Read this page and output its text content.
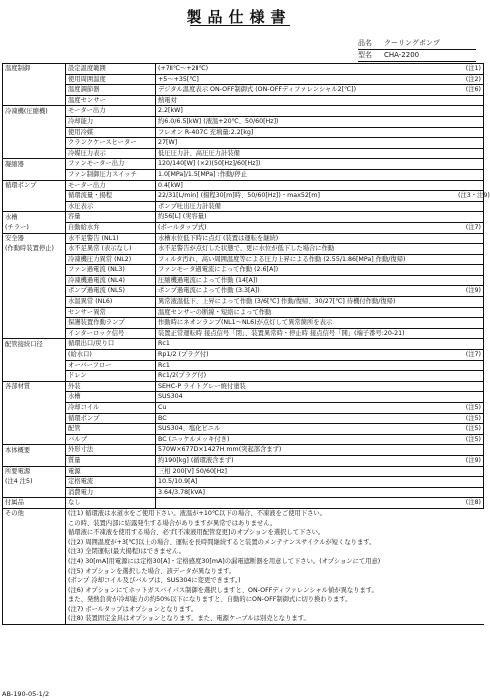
製品仕様書
品名 クーリングポンプ
型名 CHA-2200
温度制御	設定温度範囲	(+7Ⅱ℃～+2Ⅱ℃)	(注1)
	使用周囲温度	+5～+35[℃]	(注2)
	温度調節器	デジタル温度表示 ON-OFF制御式 (ON-OFFディファレンシャル2[℃])	(注6)
	温度センサー	熱電対	
冷凍機(圧縮機)	モーター出力	2.2[kW]	
	冷却能力	約6.0/6.5[kW] (液温+20℃、50/60[Hz])	
	使用冷媒	フレオン R-407C 充填量:2.2[kg]	
	クランクケースヒーター	27[W]	
	冷媒圧力表示	低圧圧力計、高圧圧力計装備	
凝縮器	ファンモーター出力	120/140[W] (×2)(50[Hz]/60[Hz])	
	ファン制御圧力スイッチ	1.0[MPa]/1.5[MPa] :作動/停止	
循環ポンプ	モーター出力	0.4[kW]	
	循環流量・揚程	22/31[L/min] (揚程30[m]時、50/60[Hz])・max52[m]	(注3・注9)
	水圧表示	ポンプ吐出圧力計装備	
水槽	容量	約56[L] (実容量)	
(チラー)	自動給水弁	(ボールタップ式)	(注7)
安全器	水不足警告 (NL1)	水槽水位低下時に点灯 (装置は運転を継続)	
(作動時装置停止)	水不足異常 (表示なし)	水不足警告が点灯した状態で、更に水位が低下した場合に作動	
	冷凍機圧力異常 (NL2)	フィルタ汚れ、高い周囲温度等による圧力上昇による作動 (2.55/1.86[MPa] 作動/復帰)	
	ファン過電流 (NL3)	ファンモータ過電流によって作動 (2.6[A])	
	冷凍機過電流 (NL4)	圧縮機過電流によって作動 (14[A])	
	ポンプ過電流 (NL5)	ポンプ過電流によって作動 (3.3[A])	(注9)
	水温異常 (NL6)	異常液温低下、上昇によって作動 (3/6[℃] 作動/復帰、30/27[℃] 待機付作動/復帰)	
	センサー異常	温度センサーの断線・短絡によって作動	
	保護装置作動ランプ	作動時にネオンランプ(NL1～NL6)が点灯して異常箇所を表示	
	インターロック信号	装置正常運転時 接点信号「閉」、装置異常時・停止時 接点信号「開」(端子番号:20-21)	
配管接続口径	循環出口/戻り口	Rc1	
	(給水口)	Rp1/2 (プラグ付)	(注7)
	オーバーフロー	Rc1	
	ドレン	Rc1/2(プラグ付)	
各部材質	外装	SEHC-P ライトグレー焼付塗装	
	水槽	SUS304	
	冷却コイル	Cu	(注5)
	循環ポンプ	BC	(注5)
	配管	SUS304、塩化ビニル	(注5)
	バルブ	BC (ニッケルメッキ付き)	(注5)
本体概要	外形寸法	570W×677D×1427H mm(突起部含まず)	
	質量	約190[kg] (循環液含まず)	(注9)
所要電源	電源	三相 200[V] 50/60[Hz]	
(注4 注5)	定格電流	10.5/10.9[A]	
	消費電力	3.64/3.78[kVA]	
付属品	なし		(注8)
その他	(注1) 循環液は水道水をご使用下さい。液温が+10℃以下の場合、不凍液をご使用下さい。		
	この時、装置内部に結露発生する場合がありますが異常ではありません。		
	循環液に不凍液を使用する場合、必ず[不凍液用配管変更]のオプションを選択して下さい。		
	(注2) 周囲温度が+3[℃]以上の場合、運転を長時間継続すると装置のメンテナンスサイクルが短くなります。		
	(注3) 全閉運転(最大揚程)はできません。		
	(注4) 30[mA]用電源には定格30[A]・定格感度30[mA]の漏電遮断器を用意して下さい。(オプションにて用意)		
	(注5) オプションを選択した場合、該データが異なります。		
	(ポンプ 冷却コイル及びバルブは、SUS304に変更できます。)		
	(注6) オプションにてホットガスバイパス制御を選択しますと、ON-OFFディファレンシャル値が異なります。		
	また、発熱負荷が冷却能力の約50%以下になりますと、自動的にON-OFF制御式に切り換わります。		
	(注7) ボールタップはオプションとなります。		
	(注8) 装置固定金具はオプションとなります。また、電源ケーブルは別売となります。		
AB-190-05-1/2
